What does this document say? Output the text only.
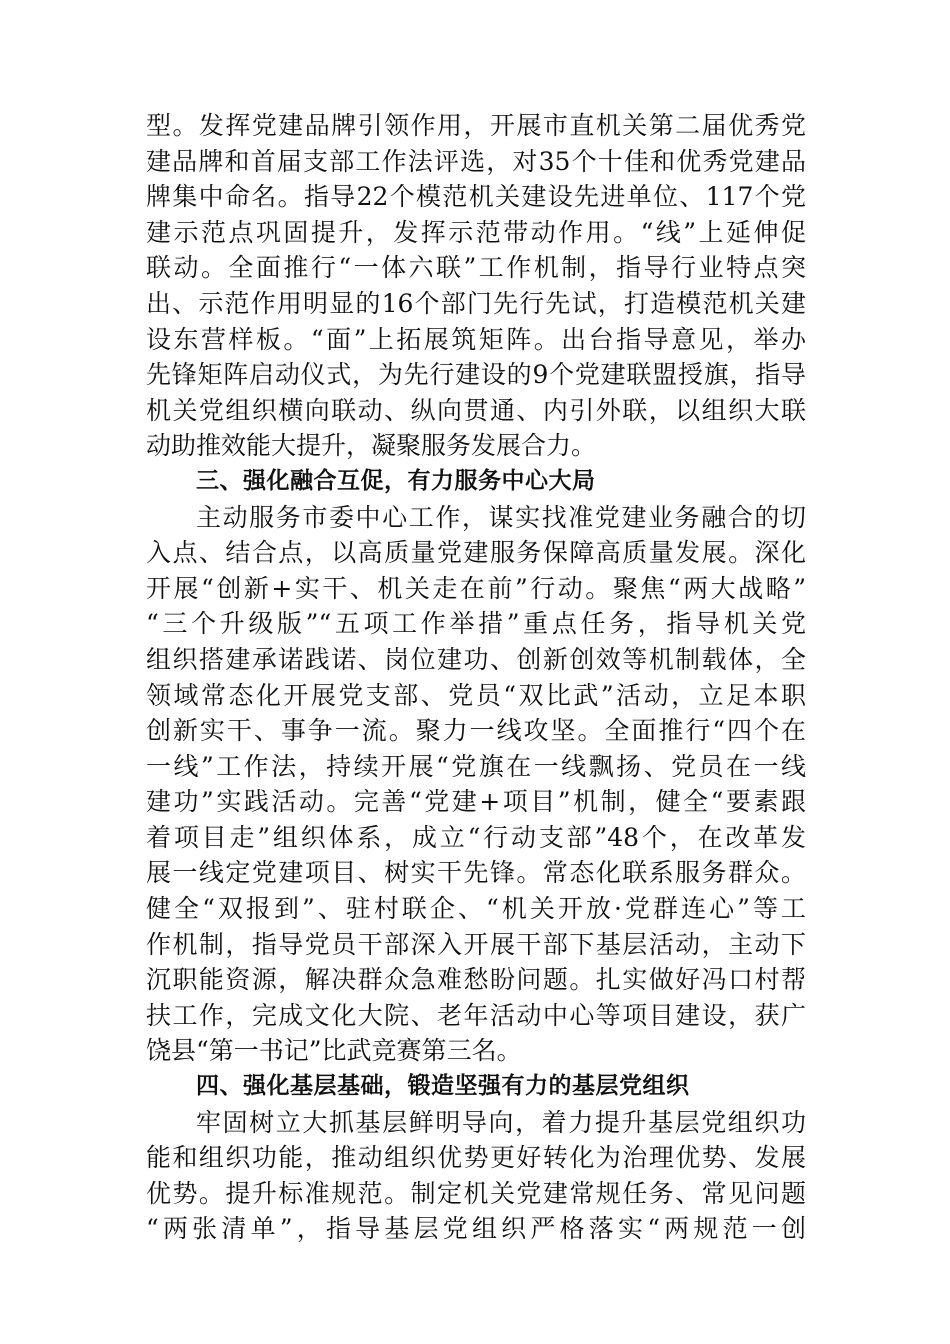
型。发挥党建品牌引领作用，开展市直机关第二届优秀党
建品牌和首届支部工作法评选，对35个十佳和优秀党建品
牌集中命名。指导22个模范机关建设先进单位、117个党
建示范点巩固提升，发挥示范带动作用。“线”上延伸促
联动。全面推行“一体六联”工作机制，指导行业特点突
出、示范作用明显的16个部门先行先试，打造模范机关建
设东营样板。“面”上拓展筑矩阵。出台指导意见，举办
先锋矩阵启动仪式，为先行建设的9个党建联盟授旗，指导
机关党组织横向联动、纵向贯通、内引外联，以组织大联
动助推效能大提升，凝聚服务发展合力。
三、强化融合互促，有力服务中心大局
主动服务市委中心工作，谋实找准党建业务融合的切
入点、结合点，以高质量党建服务保障高质量发展。深化
开展“创新+实干、机关走在前”行动。聚焦“两大战略”
“三个升级版”“五项工作举措”重点任务，指导机关党
组织搭建承诺践诺、岗位建功、创新创效等机制载体，全
领域常态化开展党支部、党员“双比武”活动，立足本职
创新实干、事争一流。聚力一线攻坚。全面推行“四个在
一线”工作法，持续开展“党旗在一线飘扬、党员在一线
建功”实践活动。完善“党建+项目”机制，健全“要素跟
着项目走”组织体系，成立“行动支部”48个，在改革发
展一线定党建项目、树实干先锋。常态化联系服务群众。
健全“双报到”、驻村联企、“机关开放·党群连心”等工
作机制，指导党员干部深入开展干部下基层活动，主动下
沉职能资源，解决群众急难愁盼问题。扎实做好冯口村帮
扶工作，完成文化大院、老年活动中心等项目建设，获广
饶县“第一书记”比武竞赛第三名。
四、强化基层基础，锻造坚强有力的基层党组织
牢固树立大抓基层鲜明导向，着力提升基层党组织功
能和组织功能，推动组织优势更好转化为治理优势、发展
优势。提升标准规范。制定机关党建常规任务、常见问题
“两张清单”，指导基层党组织严格落实“两规范一创
